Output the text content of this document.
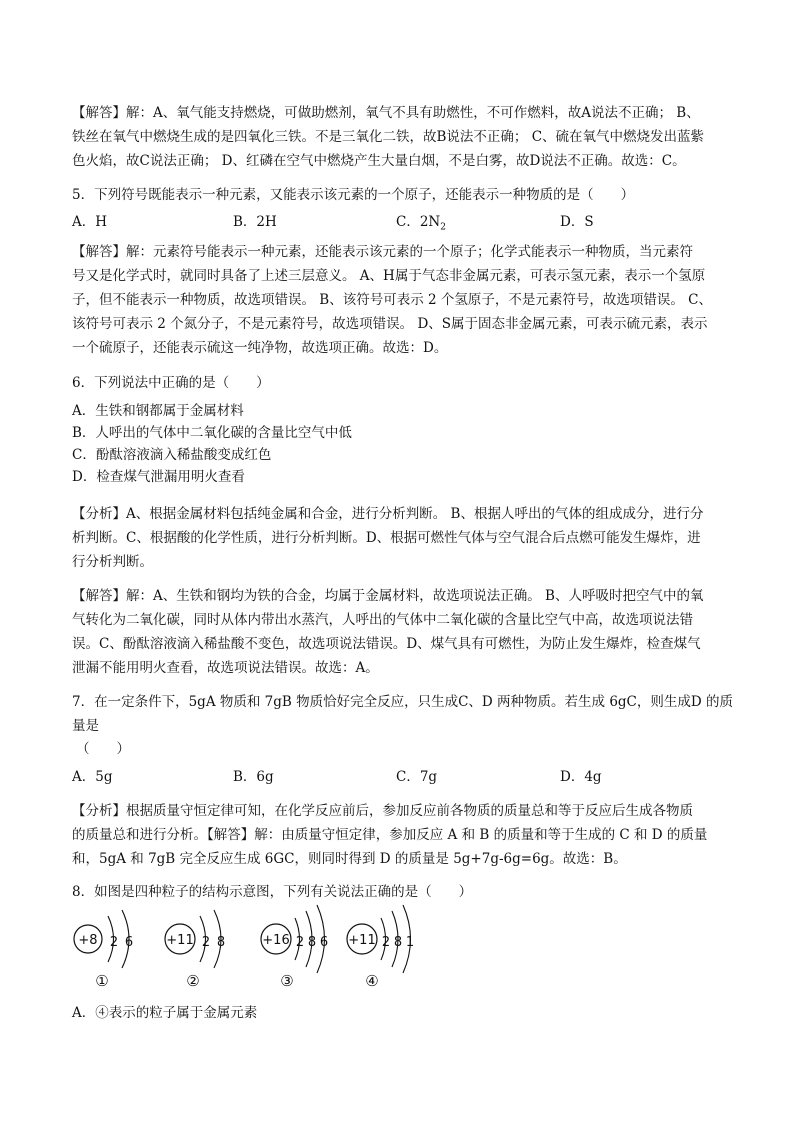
【解答】解：A、氧气能支持燃烧，可做助燃剂，氧气不具有助燃性，不可作燃料，故A说法不正确； B、
铁丝在氧气中燃烧生成的是四氧化三铁。不是三氧化二铁，故B说法不正确； C、硫在氧气中燃烧发出蓝紫
色火焰，故C说法正确； D、红磷在空气中燃烧产生大量白烟，不是白雾，故D说法不正确。故选：C。
5．下列符号既能表示一种元素，又能表示该元素的一个原子，还能表示一种物质的是（　　）
A．H	B．2H	C．$2N_2$	D．S
【解答】解：元素符号能表示一种元素，还能表示该元素的一个原子；化学式能表示一种物质，当元素符
号又是化学式时，就同时具备了上述三层意义。 A、H属于气态非金属元素，可表示氢元素，表示一个氢原
子，但不能表示一种物质，故选项错误。 B、该符号可表示 2 个氢原子，不是元素符号，故选项错误。 C、
该符号可表示 2 个氮分子，不是元素符号，故选项错误。 D、S属于固态非金属元素，可表示硫元素，表示
一个硫原子，还能表示硫这一纯净物，故选项正确。故选：D。
6．下列说法中正确的是（　　）
A．生铁和钢都属于金属材料
B．人呼出的气体中二氧化碳的含量比空气中低
C．酚酞溶液滴入稀盐酸变成红色
D．检查煤气泄漏用明火查看
【分析】A、根据金属材料包括纯金属和合金，进行分析判断。 B、根据人呼出的气体的组成成分，进行分
析判断。C、根据酸的化学性质，进行分析判断。D、根据可燃性气体与空气混合后点燃可能发生爆炸，进
行分析判断。
【解答】解：A、生铁和钢均为铁的合金，均属于金属材料，故选项说法正确。 B、人呼吸时把空气中的氧
气转化为二氧化碳，同时从体内带出水蒸汽，人呼出的气体中二氧化碳的含量比空气中高，故选项说法错
误。C、酚酞溶液滴入稀盐酸不变色，故选项说法错误。D、煤气具有可燃性，为防止发生爆炸，检查煤气
泄漏不能用明火查看，故选项说法错误。故选：A。
7．在一定条件下，5gA 物质和 7gB 物质恰好完全反应，只生成C、D 两种物质。若生成 6gC，则生成D 的质
量是
（　　）
A．5g	B．6g	C．7g	D．4g
【分析】根据质量守恒定律可知，在化学反应前后，参加反应前各物质的质量总和等于反应后生成各物质
的质量总和进行分析。【解答】解：由质量守恒定律，参加反应 A 和 B 的质量和等于生成的 C 和 D 的质量
和，5gA 和 7gB 完全反应生成 6GC，则同时得到 D 的质量是 5g+7g-6g=6g。故选：B。
8．如图是四种粒子的结构示意图，下列有关说法正确的是（　　）
+8 2 6
①
+11 2 8
②
+16 2 8 6
③
+11 2 8 1
④
A．④表示的粒子属于金属元素
